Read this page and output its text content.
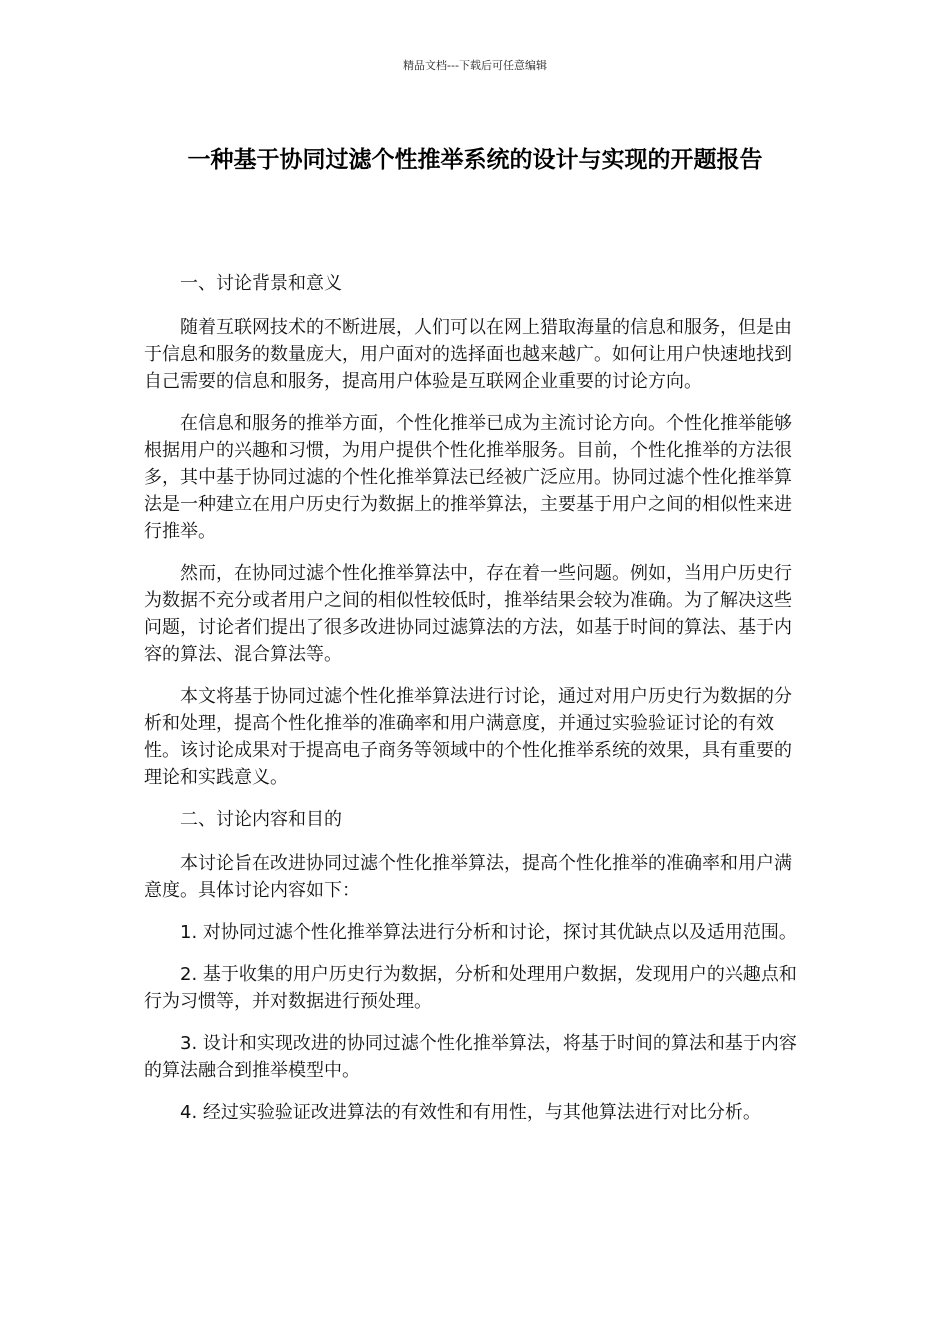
精品文档---下载后可任意编辑
一种基于协同过滤个性推举系统的设计与实现的开题报告

一、讨论背景和意义

随着互联网技术的不断进展，人们可以在网上猎取海量的信息和服务，但是由于信息和服务的数量庞大，用户面对的选择面也越来越广。如何让用户快速地找到自己需要的信息和服务，提高用户体验是互联网企业重要的讨论方向。

在信息和服务的推举方面，个性化推举已成为主流讨论方向。个性化推举能够根据用户的兴趣和习惯，为用户提供个性化推举服务。目前，个性化推举的方法很多，其中基于协同过滤的个性化推举算法已经被广泛应用。协同过滤个性化推举算法是一种建立在用户历史行为数据上的推举算法，主要基于用户之间的相似性来进行推举。

然而，在协同过滤个性化推举算法中，存在着一些问题。例如，当用户历史行为数据不充分或者用户之间的相似性较低时，推举结果会较为准确。为了解决这些问题，讨论者们提出了很多改进协同过滤算法的方法，如基于时间的算法、基于内容的算法、混合算法等。

本文将基于协同过滤个性化推举算法进行讨论，通过对用户历史行为数据的分析和处理，提高个性化推举的准确率和用户满意度，并通过实验验证讨论的有效性。该讨论成果对于提高电子商务等领域中的个性化推举系统的效果，具有重要的理论和实践意义。

二、讨论内容和目的

本讨论旨在改进协同过滤个性化推举算法，提高个性化推举的准确率和用户满意度。具体讨论内容如下：

1. 对协同过滤个性化推举算法进行分析和讨论，探讨其优缺点以及适用范围。

2. 基于收集的用户历史行为数据，分析和处理用户数据，发现用户的兴趣点和行为习惯等，并对数据进行预处理。

3. 设计和实现改进的协同过滤个性化推举算法，将基于时间的算法和基于内容的算法融合到推举模型中。

4. 经过实验验证改进算法的有效性和有用性，与其他算法进行对比分析。
